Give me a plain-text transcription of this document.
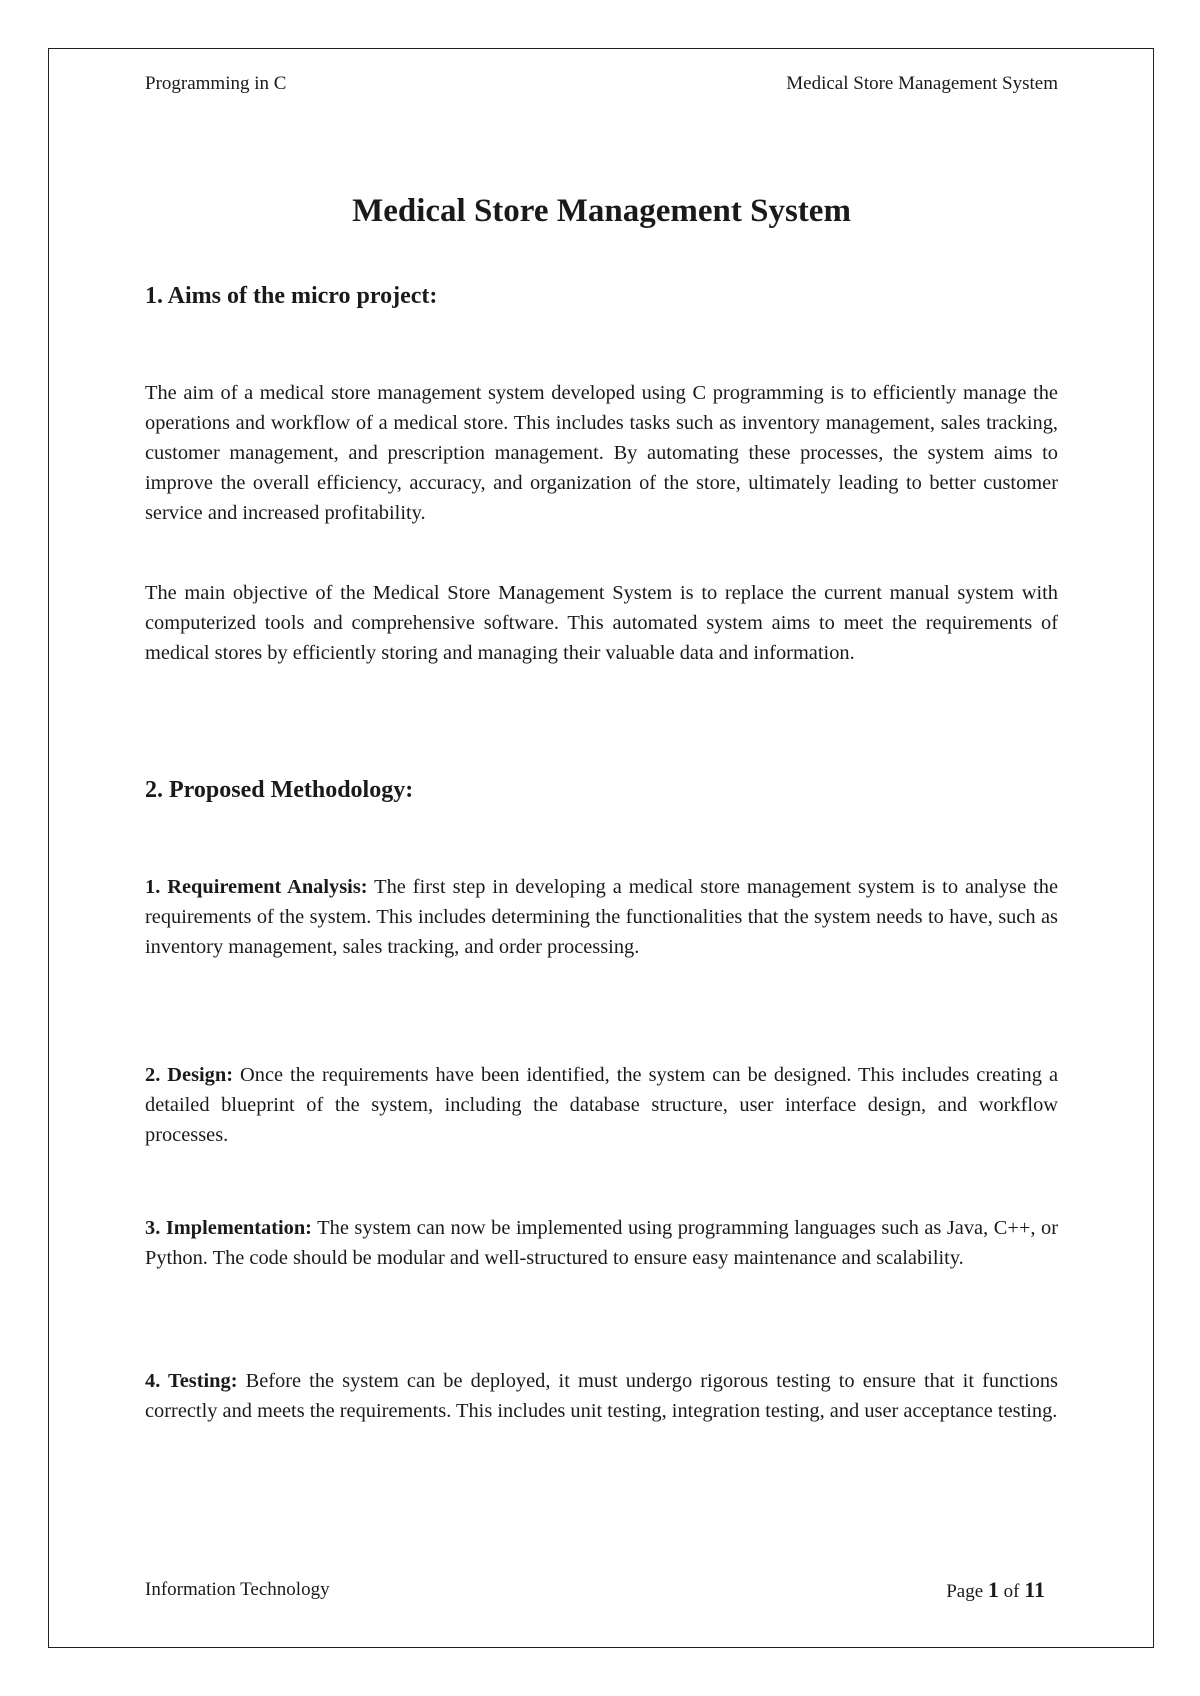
Programming in C	Medical Store Management System
Medical Store Management System
1. Aims of the micro project:

The aim of a medical store management system developed using C programming is to efficiently manage the operations and workflow of a medical store. This includes tasks such as inventory management, sales tracking, customer management, and prescription management. By automating these processes, the system aims to improve the overall efficiency, accuracy, and organization of the store, ultimately leading to better customer service and increased profitability.

The main objective of the Medical Store Management System is to replace the current manual system with computerized tools and comprehensive software. This automated system aims to meet the requirements of medical stores by efficiently storing and managing their valuable data and information.

2. Proposed Methodology:

1. Requirement Analysis: The first step in developing a medical store management system is to analyse the requirements of the system. This includes determining the functionalities that the system needs to have, such as inventory management, sales tracking, and order processing.

2. Design: Once the requirements have been identified, the system can be designed. This includes creating a detailed blueprint of the system, including the database structure, user interface design, and workflow processes.

3. Implementation: The system can now be implemented using programming languages such as Java, C++, or Python. The code should be modular and well-structured to ensure easy maintenance and scalability.

4. Testing: Before the system can be deployed, it must undergo rigorous testing to ensure that it functions correctly and meets the requirements. This includes unit testing, integration testing, and user acceptance testing.

Information Technology	Page 1 of 11
